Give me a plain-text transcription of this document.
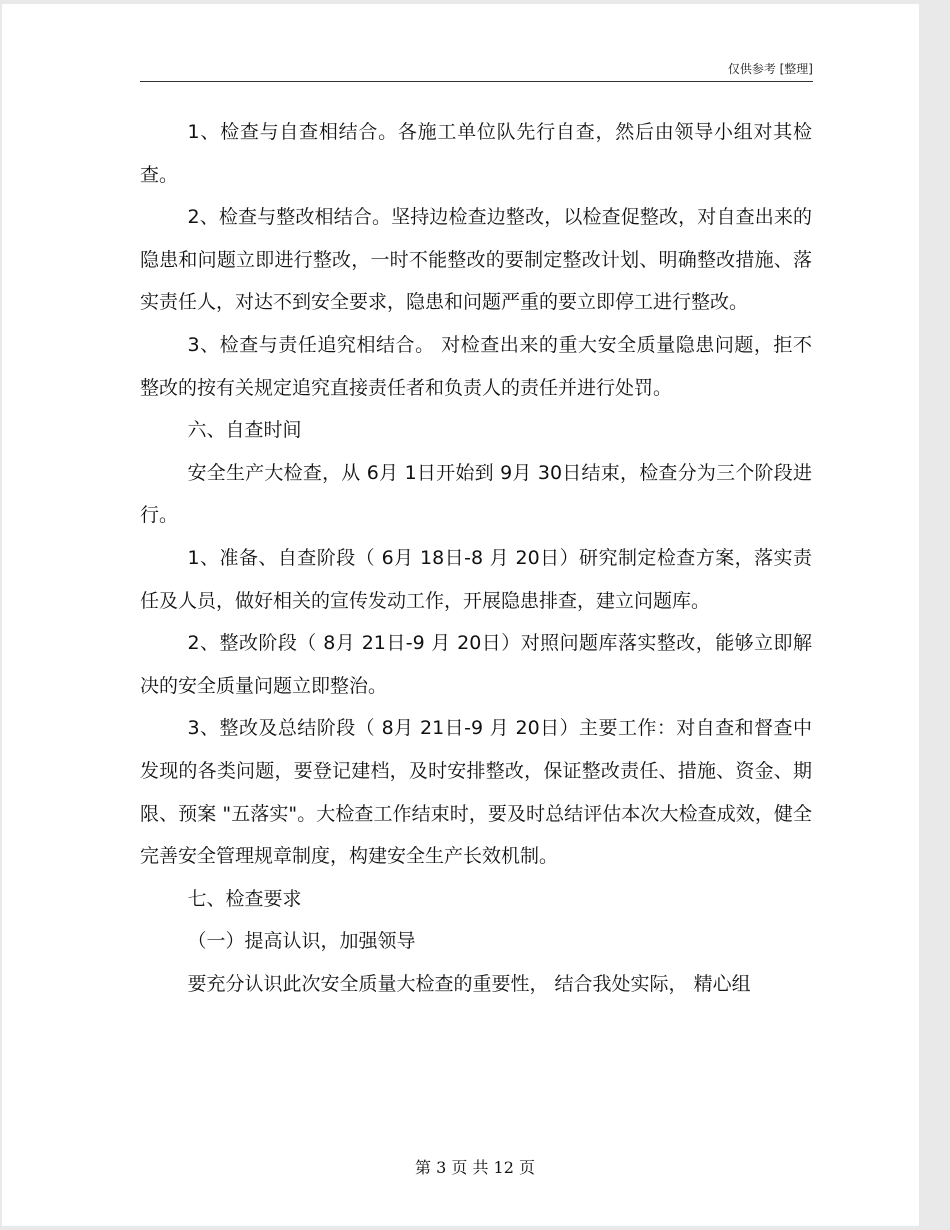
仅供参考 [整理]

1、检查与自查相结合。各施工单位队先行自查，然后由领导小组对其检查。

2、检查与整改相结合。坚持边检查边整改，以检查促整改，对自查出来的隐患和问题立即进行整改，一时不能整改的要制定整改计划、明确整改措施、落实责任人，对达不到安全要求，隐患和问题严重的要立即停工进行整改。

3、检查与责任追究相结合。 对检查出来的重大安全质量隐患问题，拒不整改的按有关规定追究直接责任者和负责人的责任并进行处罚。

六、自查时间

安全生产大检查，从 6月 1日开始到 9月 30日结束，检查分为三个阶段进行。

1、准备、自查阶段（ 6月 18日-8 月 20日）研究制定检查方案，落实责任及人员，做好相关的宣传发动工作，开展隐患排查，建立问题库。

2、整改阶段（ 8月 21日-9 月 20日）对照问题库落实整改，能够立即解决的安全质量问题立即整治。

3、整改及总结阶段（ 8月 21日-9 月 20日）主要工作：对自查和督查中发现的各类问题，要登记建档，及时安排整改，保证整改责任、措施、资金、期限、预案 "五落实"。大检查工作结束时，要及时总结评估本次大检查成效，健全完善安全管理规章制度，构建安全生产长效机制。

七、检查要求

（一）提高认识，加强领导

要充分认识此次安全质量大检查的重要性， 结合我处实际， 精心组

第 3 页 共 12 页
